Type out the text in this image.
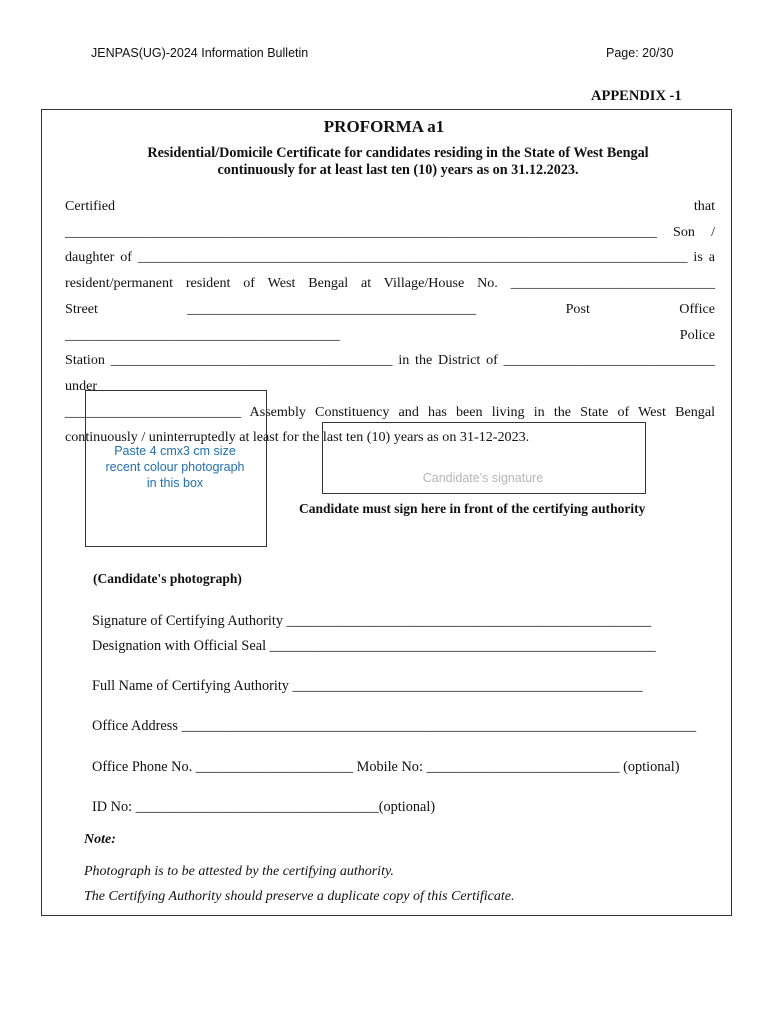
JENPAS(UG)-2024 Information Bulletin	Page: 20/30
APPENDIX -1
PROFORMA a1
Residential/Domicile Certificate for candidates residing in the State of West Bengal
continuously for at least last ten (10) years as on 31.12.2023.
Certified that ____________________________________________________________________________________ Son /
daughter of ______________________________________________________________________________ is a
resident/permanent resident of West Bengal at Village/House No. _____________________________
Street _________________________________________ Post Office _______________________________________ Police
Station ________________________________________ in the District of ______________________________ under
_________________________ Assembly Constituency and has been living in the State of West Bengal
continuously / uninterruptedly at least for the last ten (10) years as on 31-12-2023.
Paste 4 cmx3 cm size
recent colour photograph
in this box	Candidate's signature
Candidate must sign here in front of the certifying authority
(Candidate's photograph)
Signature of Certifying Authority ___________________________________________________
Designation with Official Seal ______________________________________________________
Full Name of Certifying Authority _________________________________________________
Office Address ________________________________________________________________________
Office Phone No. ______________________ Mobile No: ___________________________ (optional)
ID No: __________________________________(optional)
Note:
Photograph is to be attested by the certifying authority.
The Certifying Authority should preserve a duplicate copy of this Certificate.
